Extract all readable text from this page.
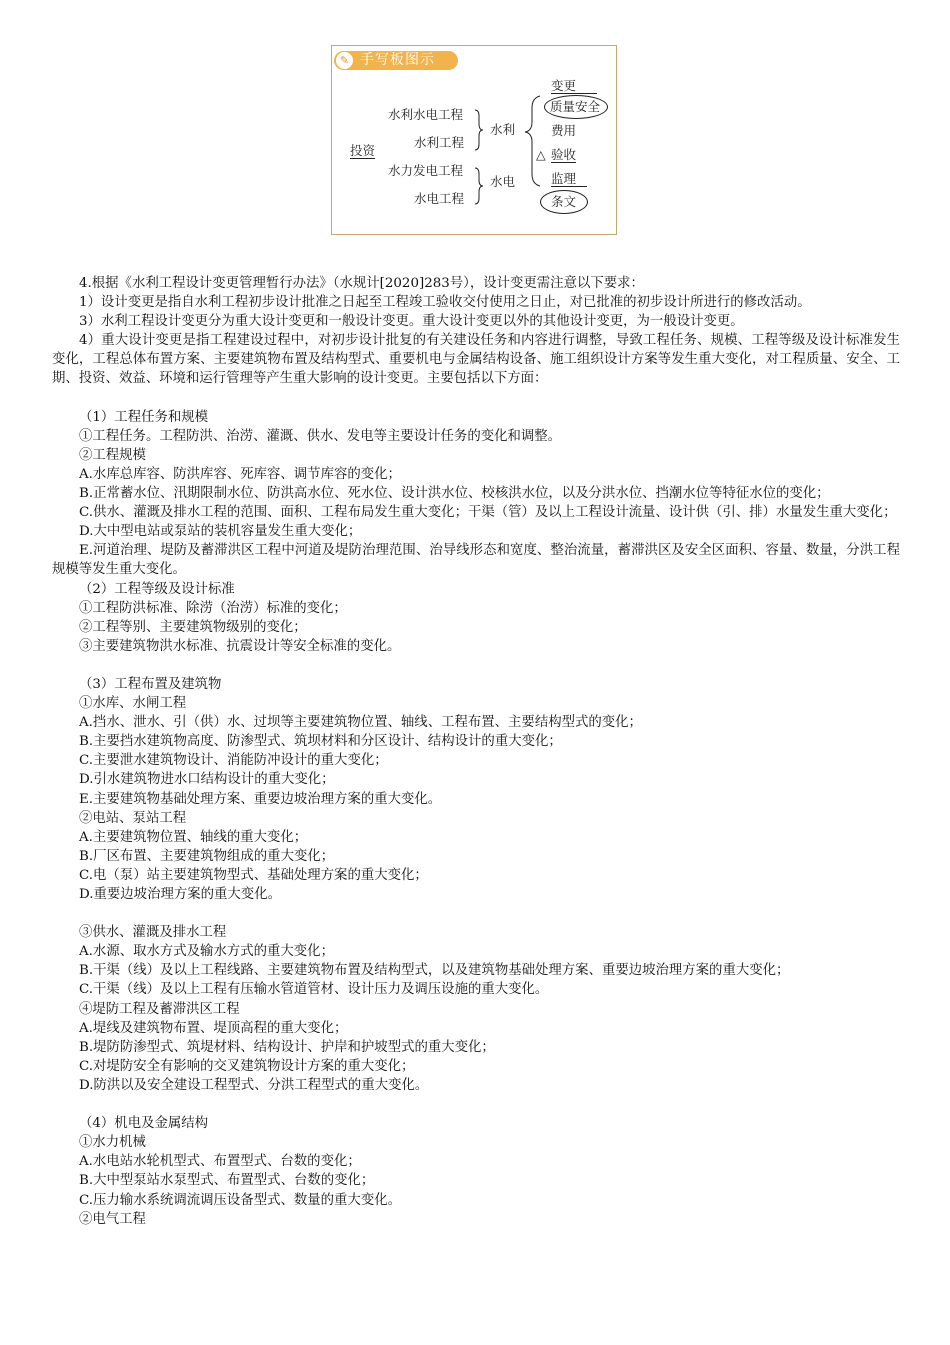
✎ 手写板图示
投资
水利水电工程
水利工程
水力发电工程
水电工程
水利
水电
变更
质量安全
费用
△ 验收
监理
条文

4.根据《水利工程设计变更管理暂行办法》（水规计[2020]283号），设计变更需注意以下要求：

1）设计变更是指自水利工程初步设计批准之日起至工程竣工验收交付使用之日止，对已批准的初步设计所进行的修改活动。

3）水利工程设计变更分为重大设计变更和一般设计变更。重大设计变更以外的其他设计变更，为一般设计变更。

4）重大设计变更是指工程建设过程中，对初步设计批复的有关建设任务和内容进行调整，导致工程任务、规模、工程等级及设计标准发生变化，工程总体布置方案、主要建筑物布置及结构型式、重要机电与金属结构设备、施工组织设计方案等发生重大变化，对工程质量、安全、工期、投资、效益、环境和运行管理等产生重大影响的设计变更。主要包括以下方面：

（1）工程任务和规模

①工程任务。工程防洪、治涝、灌溉、供水、发电等主要设计任务的变化和调整。

②工程规模

A.水库总库容、防洪库容、死库容、调节库容的变化；

B.正常蓄水位、汛期限制水位、防洪高水位、死水位、设计洪水位、校核洪水位，以及分洪水位、挡潮水位等特征水位的变化；

C.供水、灌溉及排水工程的范围、面积、工程布局发生重大变化；干渠（管）及以上工程设计流量、设计供（引、排）水量发生重大变化；

D.大中型电站或泵站的装机容量发生重大变化；

E.河道治理、堤防及蓄滞洪区工程中河道及堤防治理范围、治导线形态和宽度、整治流量，蓄滞洪区及安全区面积、容量、数量，分洪工程规模等发生重大变化。

（2）工程等级及设计标准

①工程防洪标准、除涝（治涝）标准的变化；

②工程等别、主要建筑物级别的变化；

③主要建筑物洪水标准、抗震设计等安全标准的变化。

（3）工程布置及建筑物

①水库、水闸工程

A.挡水、泄水、引（供）水、过坝等主要建筑物位置、轴线、工程布置、主要结构型式的变化；

B.主要挡水建筑物高度、防渗型式、筑坝材料和分区设计、结构设计的重大变化；

C.主要泄水建筑物设计、消能防冲设计的重大变化；

D.引水建筑物进水口结构设计的重大变化；

E.主要建筑物基础处理方案、重要边坡治理方案的重大变化。

②电站、泵站工程

A.主要建筑物位置、轴线的重大变化；

B.厂区布置、主要建筑物组成的重大变化；

C.电（泵）站主要建筑物型式、基础处理方案的重大变化；

D.重要边坡治理方案的重大变化。

③供水、灌溉及排水工程

A.水源、取水方式及输水方式的重大变化；

B.干渠（线）及以上工程线路、主要建筑物布置及结构型式，以及建筑物基础处理方案、重要边坡治理方案的重大变化；

C.干渠（线）及以上工程有压输水管道管材、设计压力及调压设施的重大变化。

④堤防工程及蓄滞洪区工程

A.堤线及建筑物布置、堤顶高程的重大变化；

B.堤防防渗型式、筑堤材料、结构设计、护岸和护坡型式的重大变化；

C.对堤防安全有影响的交叉建筑物设计方案的重大变化；

D.防洪以及安全建设工程型式、分洪工程型式的重大变化。

（4）机电及金属结构

①水力机械

A.水电站水轮机型式、布置型式、台数的变化；

B.大中型泵站水泵型式、布置型式、台数的变化；

C.压力输水系统调流调压设备型式、数量的重大变化。

②电气工程
